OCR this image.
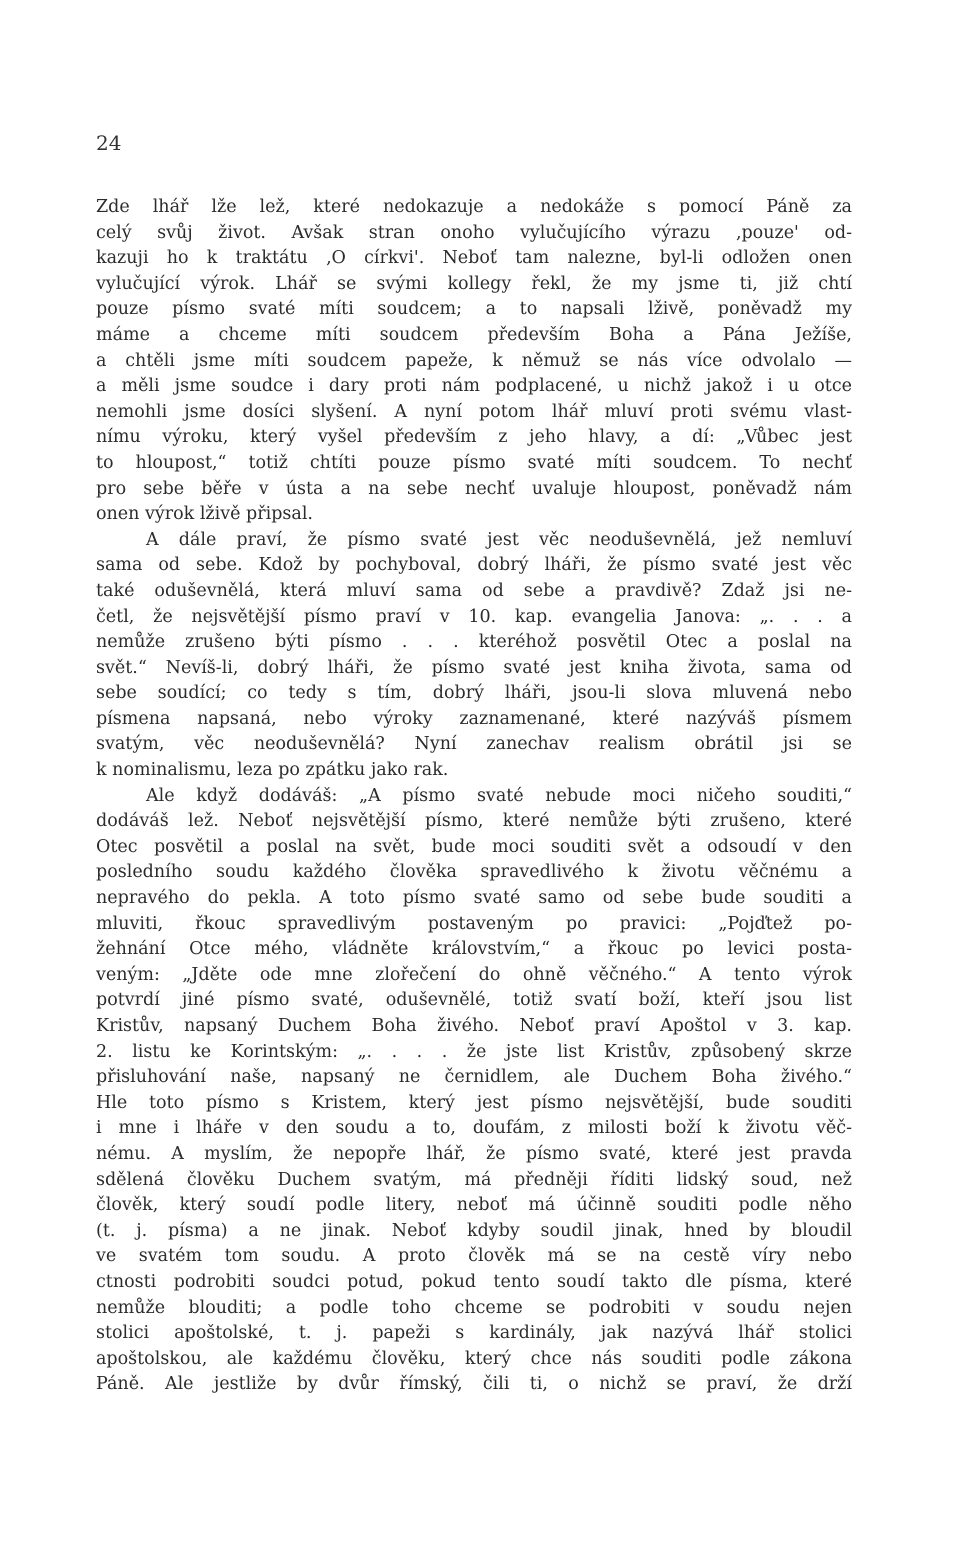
24
Zde lhář lže lež, které nedokazuje a nedokáže s pomocí Páně za
celý svůj život. Avšak stran onoho vylučujícího výrazu ‚pouze' od-
kazuji ho k traktátu ‚O církvi'. Neboť tam nalezne, byl-li odložen onen
vylučující výrok. Lhář se svými kollegy řekl, že my jsme ti, již chtí
pouze písmo svaté míti soudcem; a to napsali lživě, poněvadž my
máme a chceme míti soudcem především Boha a Pána Ježíše,
a chtěli jsme míti soudcem papeže, k němuž se nás více odvolalo —
a měli jsme soudce i dary proti nám podplacené, u nichž jakož i u otce
nemohli jsme dosíci slyšení. A nyní potom lhář mluví proti svému vlast-
nímu výroku, který vyšel především z jeho hlavy, a dí: „Vůbec jest
to hloupost,“ totiž chtíti pouze písmo svaté míti soudcem. To nechť
pro sebe běře v ústa a na sebe nechť uvaluje hloupost, poněvadž nám
onen výrok lživě připsal.
A dále praví, že písmo svaté jest věc neoduševnělá, jež nemluví
sama od sebe. Kdož by pochyboval, dobrý lháři, že písmo svaté jest věc
také oduševnělá, která mluví sama od sebe a pravdivě? Zdaž jsi ne-
četl, že nejsvětější písmo praví v 10. kap. evangelia Janova: „. . . a
nemůže zrušeno býti písmo . . . kteréhož posvětil Otec a poslal na
svět.“ Nevíš-li, dobrý lháři, že písmo svaté jest kniha života, sama od
sebe soudící; co tedy s tím, dobrý lháři, jsou-li slova mluvená nebo
písmena napsaná, nebo výroky zaznamenané, které nazýváš písmem
svatým, věc neoduševnělá? Nyní zanechav realism obrátil jsi se
k nominalismu, leza po zpátku jako rak.
Ale když dodáváš: „A písmo svaté nebude moci ničeho souditi,“
dodáváš lež. Neboť nejsvětější písmo, které nemůže býti zrušeno, které
Otec posvětil a poslal na svět, bude moci souditi svět a odsoudí v den
posledního soudu každého člověka spravedlivého k životu věčnému a
nepravého do pekla. A toto písmo svaté samo od sebe bude souditi a
mluviti, řkouc spravedlivým postaveným po pravici: „Pojďtež po-
žehnání Otce mého, vládněte královstvím,“ a řkouc po levici posta-
veným: „Jděte ode mne zlořečení do ohně věčného.“ A tento výrok
potvrdí jiné písmo svaté, oduševnělé, totiž svatí boží, kteří jsou list
Kristův, napsaný Duchem Boha živého. Neboť praví Apoštol v 3. kap.
2. listu ke Korintským: „. . . . že jste list Kristův, způsobený skrze
přisluhování naše, napsaný ne černidlem, ale Duchem Boha živého.“
Hle toto písmo s Kristem, který jest písmo nejsvětější, bude souditi
i mne i lháře v den soudu a to, doufám, z milosti boží k životu věč-
nému. A myslím, že nepopře lhář, že písmo svaté, které jest pravda
sdělená člověku Duchem svatým, má předněji říditi lidský soud, než
člověk, který soudí podle litery, neboť má účinně souditi podle něho
(t. j. písma) a ne jinak. Neboť kdyby soudil jinak, hned by bloudil
ve svatém tom soudu. A proto člověk má se na cestě víry nebo
ctnosti podrobiti soudci potud, pokud tento soudí takto dle písma, které
nemůže blouditi; a podle toho chceme se podrobiti v soudu nejen
stolici apoštolské, t. j. papeži s kardinály, jak nazývá lhář stolici
apoštolskou, ale každému člověku, který chce nás souditi podle zákona
Páně. Ale jestliže by dvůr římský, čili ti, o nichž se praví, že drží
